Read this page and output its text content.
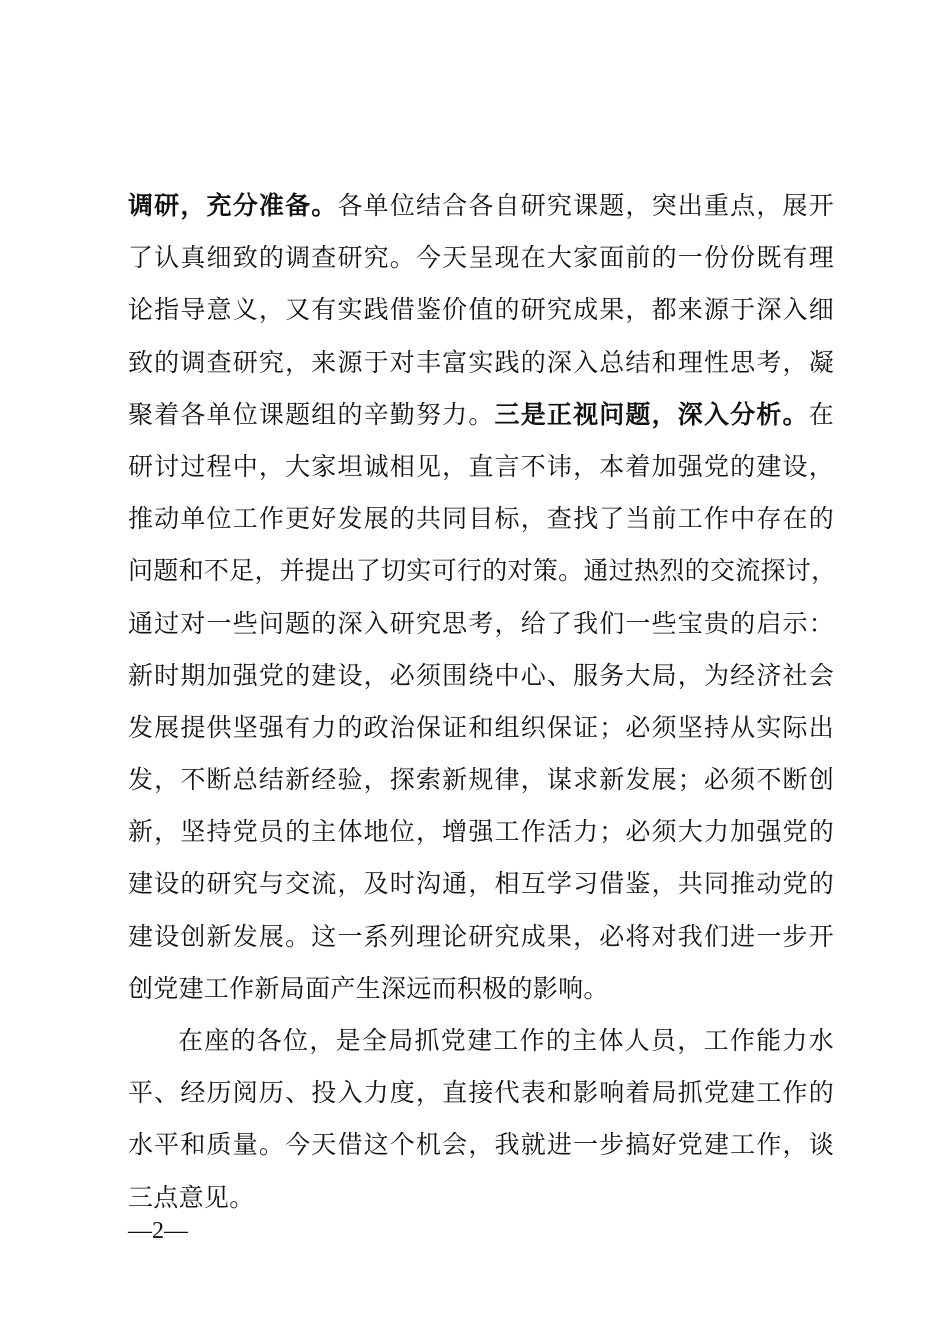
调研，充分准备。各单位结合各自研究课题，突出重点，展开
了认真细致的调查研究。今天呈现在大家面前的一份份既有理
论指导意义，又有实践借鉴价值的研究成果，都来源于深入细
致的调查研究，来源于对丰富实践的深入总结和理性思考，凝
聚着各单位课题组的辛勤努力。三是正视问题，深入分析。在
研讨过程中，大家坦诚相见，直言不讳，本着加强党的建设，
推动单位工作更好发展的共同目标，查找了当前工作中存在的
问题和不足，并提出了切实可行的对策。通过热烈的交流探讨，
通过对一些问题的深入研究思考，给了我们一些宝贵的启示：
新时期加强党的建设，必须围绕中心、服务大局，为经济社会
发展提供坚强有力的政治保证和组织保证；必须坚持从实际出
发，不断总结新经验，探索新规律，谋求新发展；必须不断创
新，坚持党员的主体地位，增强工作活力；必须大力加强党的
建设的研究与交流，及时沟通，相互学习借鉴，共同推动党的
建设创新发展。这一系列理论研究成果，必将对我们进一步开
创党建工作新局面产生深远而积极的影响。
在座的各位，是全局抓党建工作的主体人员，工作能力水
平、经历阅历、投入力度，直接代表和影响着局抓党建工作的
水平和质量。今天借这个机会，我就进一步搞好党建工作，谈
三点意见。
—2—
